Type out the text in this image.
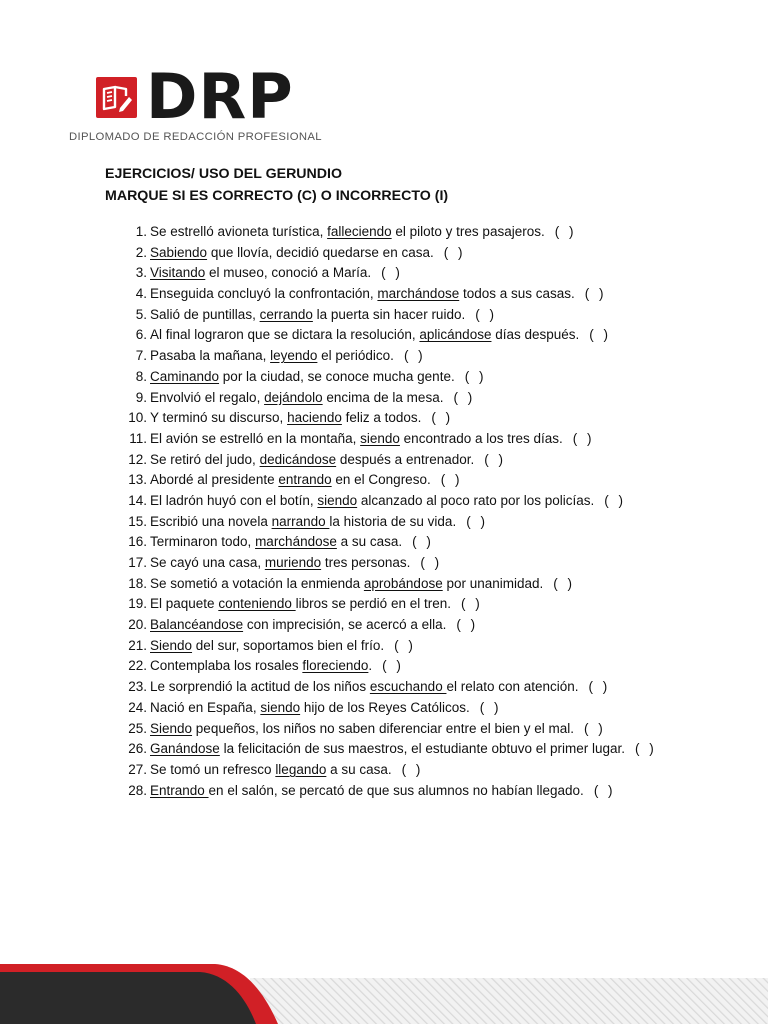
DRP
DIPLOMADO DE REDACCIÓN PROFESIONAL
EJERCICIOS/ USO DEL GERUNDIO
MARQUE SI ES CORRECTO (C) O INCORRECTO (I)
1. Se estrelló avioneta turística, falleciendo el piloto y tres pasajeros. ( )
2. Sabiendo que llovía, decidió quedarse en casa. ( )
3. Visitando el museo, conoció a María. ( )
4. Enseguida concluyó la confrontación, marchándose todos a sus casas. ( )
5. Salió de puntillas, cerrando la puerta sin hacer ruido. ( )
6. Al final lograron que se dictara la resolución, aplicándose días después. ( )
7. Pasaba la mañana, leyendo el periódico. ( )
8. Caminando por la ciudad, se conoce mucha gente. ( )
9. Envolvió el regalo, dejándolo encima de la mesa. ( )
10. Y terminó su discurso, haciendo feliz a todos. ( )
11. El avión se estrelló en la montaña, siendo encontrado a los tres días. ( )
12. Se retiró del judo, dedicándose después a entrenador. ( )
13. Abordé al presidente entrando en el Congreso. ( )
14. El ladrón huyó con el botín, siendo alcanzado al poco rato por los policías. ( )
15. Escribió una novela narrando la historia de su vida. ( )
16. Terminaron todo, marchándose a su casa. ( )
17. Se cayó una casa, muriendo tres personas. ( )
18. Se sometió a votación la enmienda aprobándose por unanimidad. ( )
19. El paquete conteniendo libros se perdió en el tren. ( )
20. Balancéandose con imprecisión, se acercó a ella. ( )
21. Siendo del sur, soportamos bien el frío. ( )
22. Contemplaba los rosales floreciendo. ( )
23. Le sorprendió la actitud de los niños escuchando el relato con atención. ( )
24. Nació en España, siendo hijo de los Reyes Católicos. ( )
25. Siendo pequeños, los niños no saben diferenciar entre el bien y el mal. ( )
26. Ganándose la felicitación de sus maestros, el estudiante obtuvo el primer lugar. ( )
27. Se tomó un refresco llegando a su casa. ( )
28. Entrando en el salón, se percató de que sus alumnos no habían llegado. ( )
